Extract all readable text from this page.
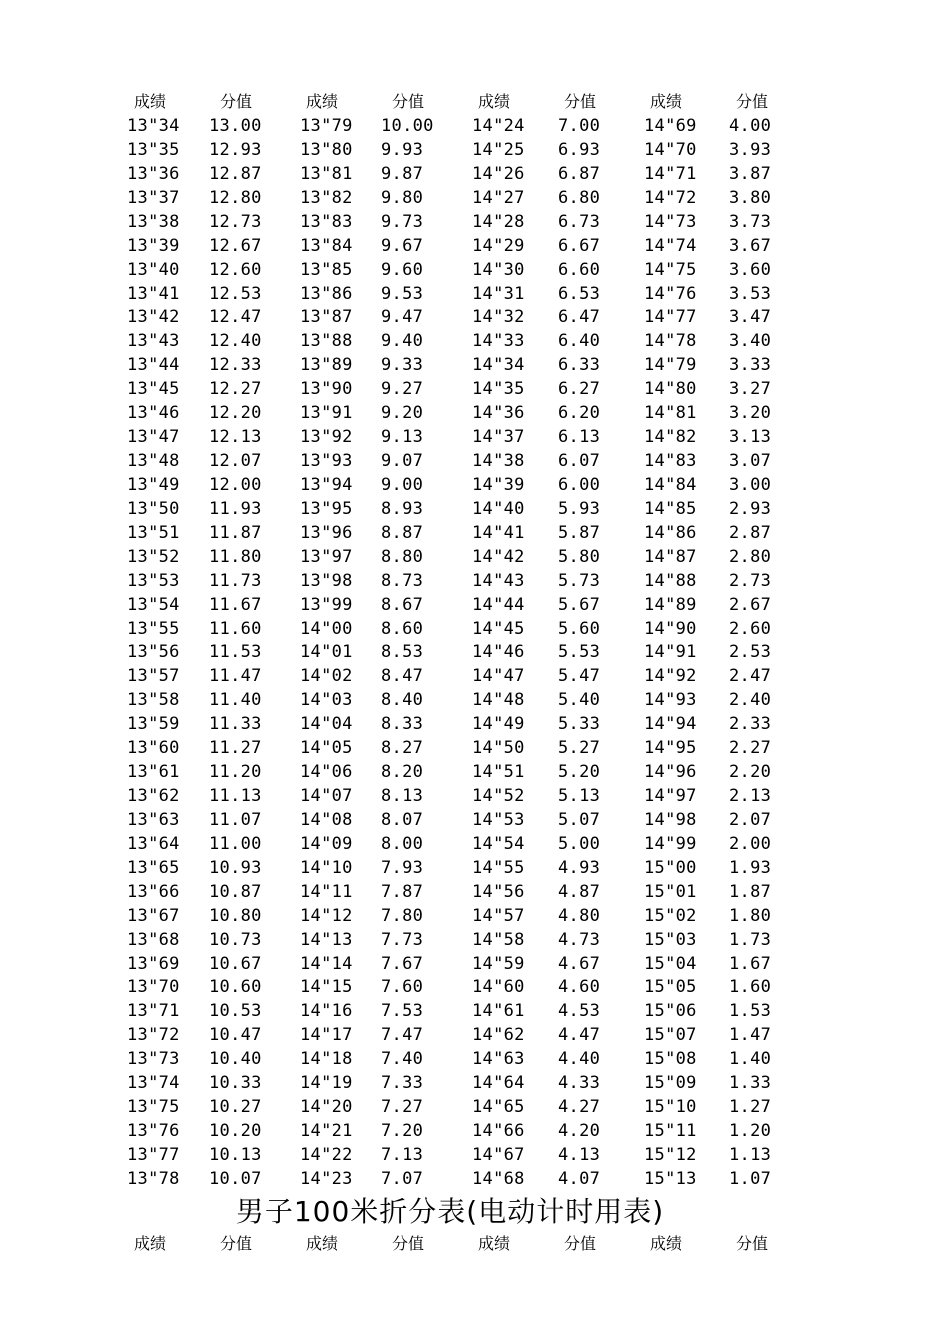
成绩	分值	成绩	分值	成绩	分值	成绩	分值
13"34 13.00 13"79 10.00 14"24 7.00	14"69 4.00
13"35 12.93 13"80 9.93	14"25 6.93	14"70 3.93
13"36 12.87 13"81 9.87	14"26 6.87	14"71 3.87
13"37 12.80 13"82 9.80	14"27 6.80	14"72 3.80
13"38 12.73 13"83 9.73	14"28 6.73	14"73 3.73
13"39 12.67 13"84 9.67	14"29 6.67	14"74 3.67
13"40 12.60 13"85 9.60	14"30 6.60	14"75 3.60
13"41 12.53 13"86 9.53	14"31 6.53	14"76 3.53
13"42 12.47 13"87 9.47	14"32 6.47	14"77 3.47
13"43 12.40 13"88 9.40	14"33 6.40	14"78 3.40
13"44 12.33 13"89 9.33	14"34 6.33	14"79 3.33
13"45 12.27 13"90 9.27	14"35 6.27	14"80 3.27
13"46 12.20 13"91 9.20	14"36 6.20	14"81 3.20
13"47 12.13 13"92 9.13	14"37 6.13	14"82 3.13
13"48 12.07 13"93 9.07	14"38 6.07	14"83 3.07
13"49 12.00 13"94 9.00	14"39 6.00	14"84 3.00
13"50 11.93 13"95 8.93	14"40 5.93	14"85 2.93
13"51 11.87 13"96 8.87	14"41 5.87	14"86 2.87
13"52 11.80 13"97 8.80	14"42 5.80	14"87 2.80
13"53 11.73 13"98 8.73	14"43 5.73	14"88 2.73
13"54 11.67 13"99 8.67	14"44 5.67	14"89 2.67
13"55 11.60 14"00 8.60	14"45 5.60	14"90 2.60
13"56 11.53 14"01 8.53	14"46 5.53	14"91 2.53
13"57 11.47 14"02 8.47	14"47 5.47	14"92 2.47
13"58 11.40 14"03 8.40	14"48 5.40	14"93 2.40
13"59 11.33 14"04 8.33	14"49 5.33	14"94 2.33
13"60 11.27 14"05 8.27	14"50 5.27	14"95 2.27
13"61 11.20 14"06 8.20	14"51 5.20	14"96 2.20
13"62 11.13 14"07 8.13	14"52 5.13	14"97 2.13
13"63 11.07 14"08 8.07	14"53 5.07	14"98 2.07
13"64 11.00 14"09 8.00	14"54 5.00	14"99 2.00
13"65 10.93 14"10 7.93	14"55 4.93	15"00 1.93
13"66 10.87 14"11 7.87	14"56 4.87	15"01 1.87
13"67 10.80 14"12 7.80	14"57 4.80	15"02 1.80
13"68 10.73 14"13 7.73	14"58 4.73	15"03 1.73
13"69 10.67 14"14 7.67	14"59 4.67	15"04 1.67
13"70 10.60 14"15 7.60	14"60 4.60	15"05 1.60
13"71 10.53 14"16 7.53	14"61 4.53	15"06 1.53
13"72 10.47 14"17 7.47	14"62 4.47	15"07 1.47
13"73 10.40 14"18 7.40	14"63 4.40	15"08 1.40
13"74 10.33 14"19 7.33	14"64 4.33	15"09 1.33
13"75 10.27 14"20 7.27	14"65 4.27	15"10 1.27
13"76 10.20 14"21 7.20	14"66 4.20	15"11 1.20
13"77 10.13 14"22 7.13	14"67 4.13	15"12 1.13
13"78 10.07 14"23 7.07	14"68 4.07	15"13 1.07
男子100米折分表(电动计时用表)
成绩	分值	成绩	分值	成绩	分值	成绩	分值
